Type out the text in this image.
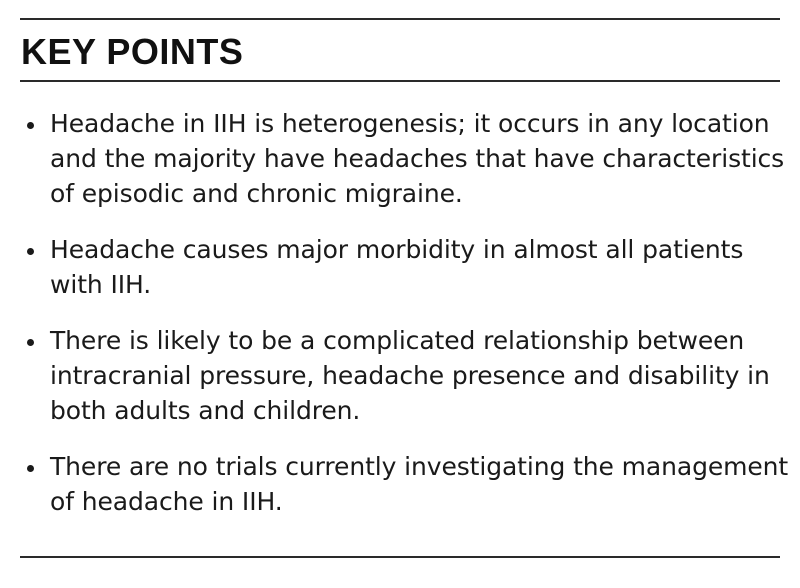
KEY POINTS
Headache in IIH is heterogenesis; it occurs in any location and the majority have headaches that have characteristics of episodic and chronic migraine.
Headache causes major morbidity in almost all patients with IIH.
There is likely to be a complicated relationship between intracranial pressure, headache presence and disability in both adults and children.
There are no trials currently investigating the management of headache in IIH.
